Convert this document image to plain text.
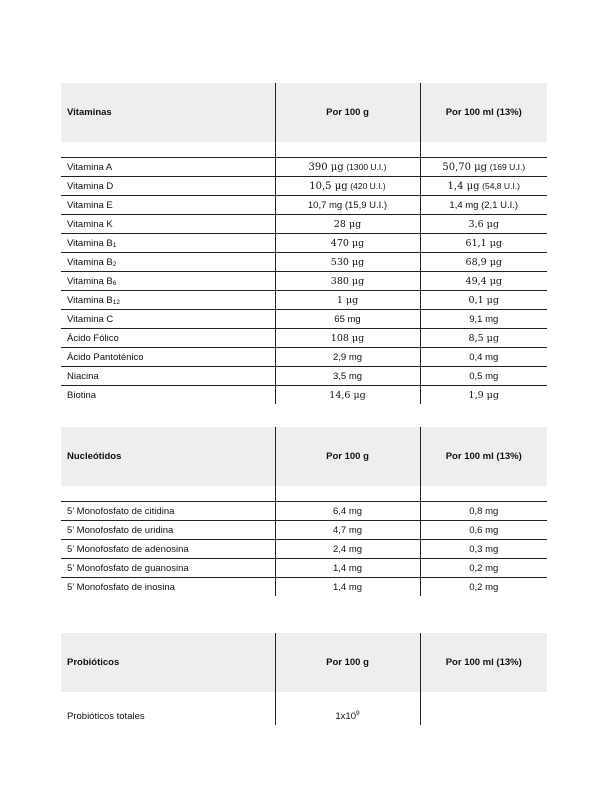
Vitaminas	Por 100 g	Por 100 ml (13%)

Vitamina A	390 μg (1300 U.I.)	50,70 μg (169 U.I.)
Vitamina D	10,5 μg (420 U.I.)	1,4 μg (54,8 U.I.)
Vitamina E	10,7 mg (15,9 U.I.)	1,4 mg (2,1 U.I.)
Vitamina K	28 μg	3,6 μg
Vitamina $B_1$	470 μg	61,1 μg
Vitamina $B_2$	530 μg	68,9 μg
Vitamina $B_6$	380 μg	49,4 μg
Vitamina $B_{12}$	1 μg	0,1 μg
Vitamina C	65 mg	9,1 mg
Ácido Fólico	108 μg	8,5 μg
Ácido Pantoténico	2,9 mg	0,4 mg
Niacina	3,5 mg	0,5 mg
Biotina	14,6 μg	1,9 μg
Nucleótidos	Por 100 g	Por 100 ml (13%)

5’ Monofosfato de citidina	6,4 mg	0,8 mg
5’ Monofosfato de uridina	4,7 mg	0,6 mg
5’ Monofosfato de adenosina	2,4 mg	0,3 mg
5’ Monofosfato de guanosina	1,4 mg	0,2 mg
5’ Monofosfato de inosina	1,4 mg	0,2 mg
Probióticos	Por 100 g	Por 100 ml (13%)

Probióticos totales	$1x10^9$	
